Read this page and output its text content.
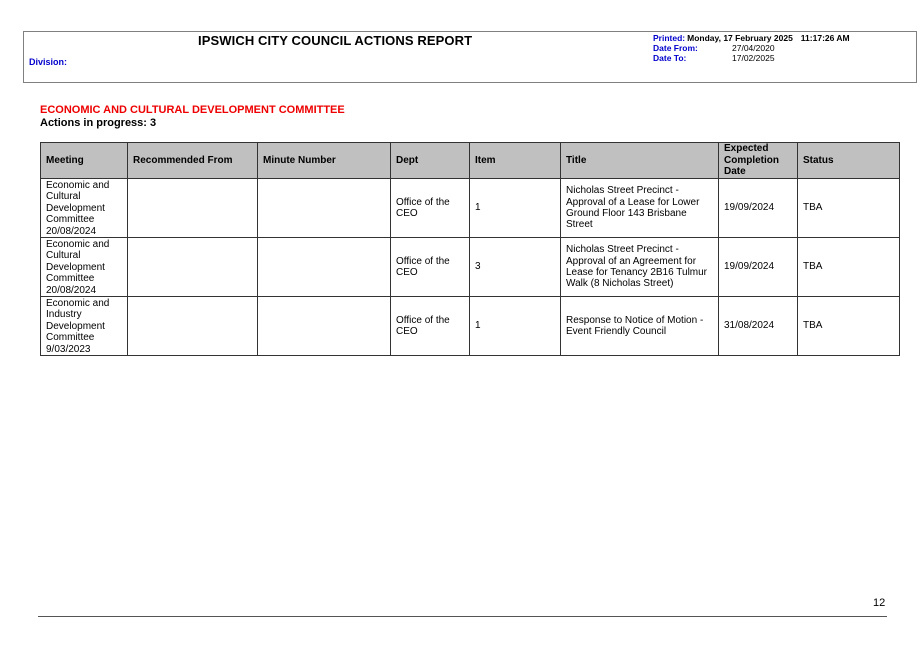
IPSWICH CITY COUNCIL ACTIONS REPORT
Division:
Printed: Monday, 17 February 2025 11:17:26 AM
Date From:	27/04/2020
Date To:	17/02/2025
ECONOMIC AND CULTURAL DEVELOPMENT COMMITTEE
Actions in progress: 3
Meeting	Recommended From	Minute Number	Dept	Item	Title	Expected Completion Date	Status
Economic and Cultural Development Committee 20/08/2024			Office of the CEO	1	Nicholas Street Precinct - Approval of a Lease for Lower Ground Floor 143 Brisbane Street	19/09/2024	TBA
Economic and Cultural Development Committee 20/08/2024			Office of the CEO	3	Nicholas Street Precinct - Approval of an Agreement for Lease for Tenancy 2B16 Tulmur Walk (8 Nicholas Street)	19/09/2024	TBA
Economic and Industry Development Committee 9/03/2023			Office of the CEO	1	Response to Notice of Motion - Event Friendly Council	31/08/2024	TBA
12
